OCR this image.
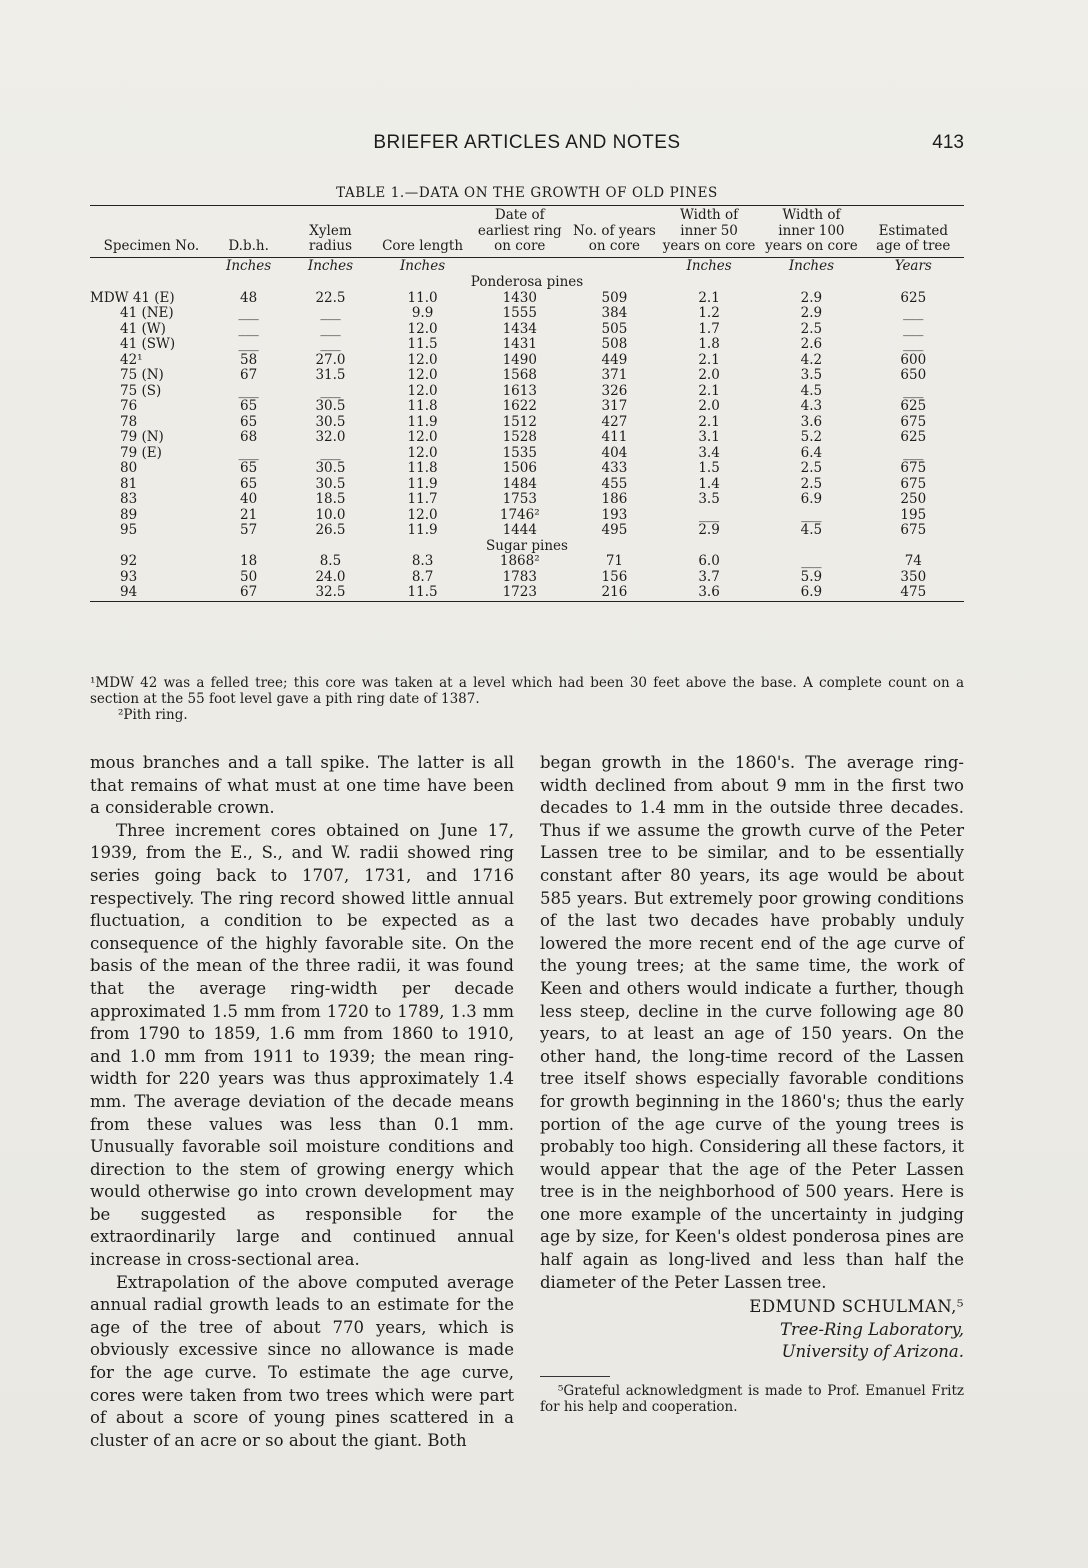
BRIEFER ARTICLES AND NOTES	413
TABLE 1.—DATA ON THE GROWTH OF OLD PINES
Specimen No.	D.b.h.	Xylem radius	Core length	Date of earliest ring on core	No. of years on core	Width of inner 50 years on core	Width of inner 100 years on core	Estimated age of tree
	Inches	Inches	Inches			Inches	Inches	Years
Ponderosa pines								
MDW 41 (E)	48	22.5	11.0	1430	509	2.1	2.9	625
41 (NE)	___	___	9.9	1555	384	1.2	2.9	___
41 (W)	___	___	12.0	1434	505	1.7	2.5	___
41 (SW)	___	___	11.5	1431	508	1.8	2.6	___
42¹	58	27.0	12.0	1490	449	2.1	4.2	600
75 (N)	67	31.5	12.0	1568	371	2.0	3.5	650
75 (S)	___	___	12.0	1613	326	2.1	4.5	___
76	65	30.5	11.8	1622	317	2.0	4.3	625
78	65	30.5	11.9	1512	427	2.1	3.6	675
79 (N)	68	32.0	12.0	1528	411	3.1	5.2	625
79 (E)	___	___	12.0	1535	404	3.4	6.4	___
80	65	30.5	11.8	1506	433	1.5	2.5	675
81	65	30.5	11.9	1484	455	1.4	2.5	675
83	40	18.5	11.7	1753	186	3.5	6.9	250
89	21	10.0	12.0	1746²	193	___	___	195
95	57	26.5	11.9	1444	495	2.9	4.5	675
Sugar pines								
92	18	8.5	8.3	1868²	71	6.0	___	74
93	50	24.0	8.7	1783	156	3.7	5.9	350
94	67	32.5	11.5	1723	216	3.6	6.9	475

¹MDW 42 was a felled tree; this core was taken at a level which had been 30 feet above the base. A complete count on a section at the 55 foot level gave a pith ring date of 1387.

²Pith ring.

mous branches and a tall spike. The latter is all that remains of what must at one time have been a considerable crown.

Three increment cores obtained on June 17, 1939, from the E., S., and W. radii showed ring series going back to 1707, 1731, and 1716 respectively. The ring record showed little annual fluctuation, a condition to be expected as a consequence of the highly favorable site. On the basis of the mean of the three radii, it was found that the average ring-width per decade approximated 1.5 mm from 1720 to 1789, 1.3 mm from 1790 to 1859, 1.6 mm from 1860 to 1910, and 1.0 mm from 1911 to 1939; the mean ring-width for 220 years was thus approximately 1.4 mm. The average deviation of the decade means from these values was less than 0.1 mm. Unusually favorable soil moisture conditions and direction to the stem of growing energy which would otherwise go into crown development may be suggested as responsible for the extraordinarily large and continued annual increase in cross-sectional area.

Extrapolation of the above computed average annual radial growth leads to an estimate for the age of the tree of about 770 years, which is obviously excessive since no allowance is made for the age curve. To estimate the age curve, cores were taken from two trees which were part of about a score of young pines scattered in a cluster of an acre or so about the giant. Both

began growth in the 1860's. The average ring-width declined from about 9 mm in the first two decades to 1.4 mm in the outside three decades. Thus if we assume the growth curve of the Peter Lassen tree to be similar, and to be essentially constant after 80 years, its age would be about 585 years. But extremely poor growing conditions of the last two decades have probably unduly lowered the more recent end of the age curve of the young trees; at the same time, the work of Keen and others would indicate a further, though less steep, decline in the curve following age 80 years, to at least an age of 150 years. On the other hand, the long-time record of the Lassen tree itself shows especially favorable conditions for growth beginning in the 1860's; thus the early portion of the age curve of the young trees is probably too high. Considering all these factors, it would appear that the age of the Peter Lassen tree is in the neighborhood of 500 years. Here is one more example of the uncertainty in judging age by size, for Keen's oldest ponderosa pines are half again as long-lived and less than half the diameter of the Peter Lassen tree.

EDMUND SCHULMAN,⁵
Tree-Ring Laboratory,
University of Arizona.

⁵Grateful acknowledgment is made to Prof. Emanuel Fritz for his help and cooperation.
